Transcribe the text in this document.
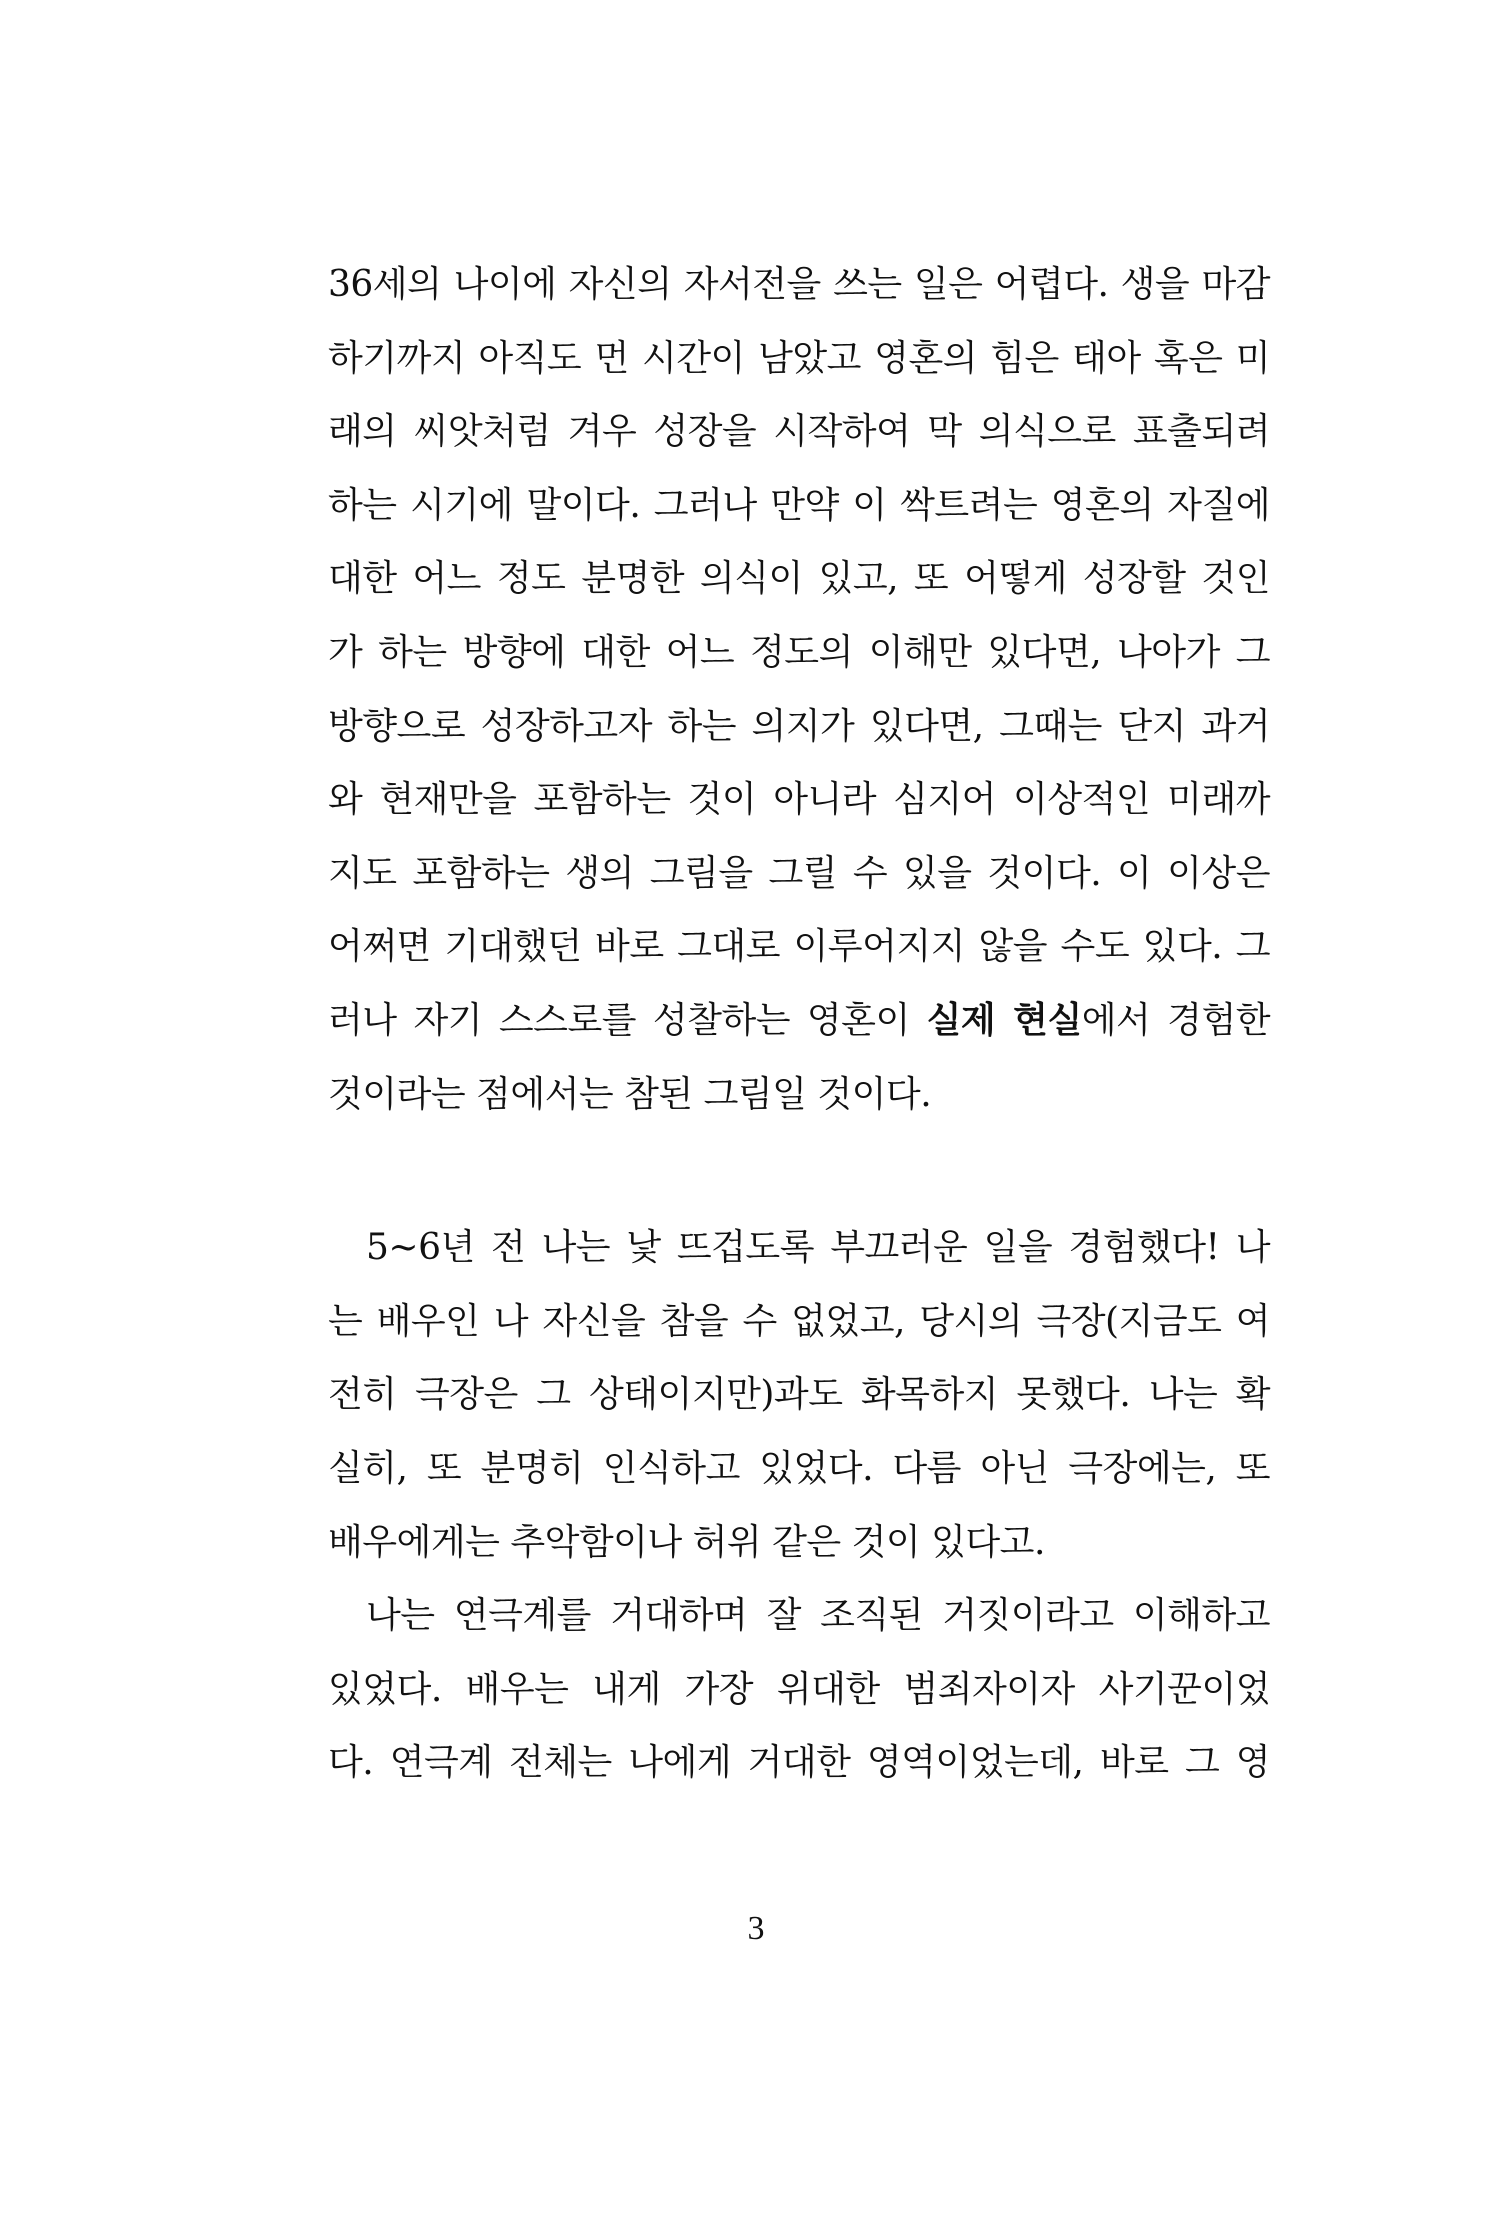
36세의 나이에 자신의 자서전을 쓰는 일은 어렵다. 생을 마감
하기까지 아직도 먼 시간이 남았고 영혼의 힘은 태아 혹은 미
래의 씨앗처럼 겨우 성장을 시작하여 막 의식으로 표출되려
하는 시기에 말이다. 그러나 만약 이 싹트려는 영혼의 자질에
대한 어느 정도 분명한 의식이 있고, 또 어떻게 성장할 것인
가 하는 방향에 대한 어느 정도의 이해만 있다면, 나아가 그
방향으로 성장하고자 하는 의지가 있다면, 그때는 단지 과거
와 현재만을 포함하는 것이 아니라 심지어 이상적인 미래까
지도 포함하는 생의 그림을 그릴 수 있을 것이다. 이 이상은
어쩌면 기대했던 바로 그대로 이루어지지 않을 수도 있다. 그
러나 자기 스스로를 성찰하는 영혼이 실제 현실에서 경험한
것이라는 점에서는 참된 그림일 것이다.
5~6년 전 나는 낯 뜨겁도록 부끄러운 일을 경험했다! 나
는 배우인 나 자신을 참을 수 없었고, 당시의 극장(지금도 여
전히 극장은 그 상태이지만)과도 화목하지 못했다. 나는 확
실히, 또 분명히 인식하고 있었다. 다름 아닌 극장에는, 또
배우에게는 추악함이나 허위 같은 것이 있다고.
나는 연극계를 거대하며 잘 조직된 거짓이라고 이해하고
있었다. 배우는 내게 가장 위대한 범죄자이자 사기꾼이었
다. 연극계 전체는 나에게 거대한 영역이었는데, 바로 그 영
3
